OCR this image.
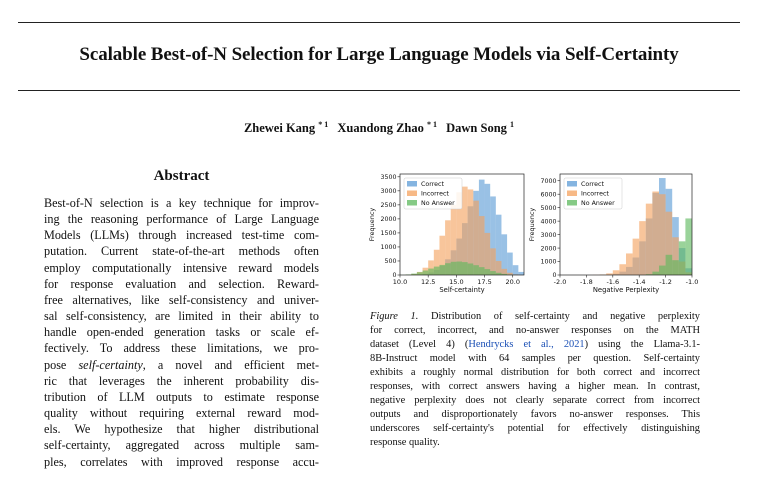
Scalable Best-of-N Selection for Large Language Models via Self-Certainty
Zhewei Kang $^{* 1}$ Xuandong Zhao $^{* 1}$ Dawn Song $^1$
Abstract
Best-of-N selection is a key technique for improv-
ing the reasoning performance of Large Language
Models (LLMs) through increased test-time com-
putation. Current state-of-the-art methods often
employ computationally intensive reward models
for response evaluation and selection. Reward-
free alternatives, like self-consistency and univer-
sal self-consistency, are limited in their ability to
handle open-ended generation tasks or scale ef-
fectively. To address these limitations, we pro-
pose self-certainty, a novel and efficient met-
ric that leverages the inherent probability dis-
tribution of LLM outputs to estimate response
quality without requiring external reward mod-
els. We hypothesize that higher distributional
self-certainty, aggregated across multiple sam-
ples, correlates with improved response accu-
10.0 12.5 15.0 17.5 20.0
0
500
1000
1500
2000
2500
3000
3500
Self-certainty
Frequency
Correct
Incorrect
No Answer
-2.0 -1.8 -1.6 -1.4 -1.2 -1.0
0
1000
2000
3000
4000
5000
6000
7000
Negative Perplexity
Frequency
Correct
Incorrect
No Answer
Figure 1. Distribution of self-certainty and negative perplexity
for correct, incorrect, and no-answer responses on the MATH
dataset (Level 4) (Hendrycks et al., 2021) using the Llama-3.1-
8B-Instruct model with 64 samples per question. Self-certainty
exhibits a roughly normal distribution for both correct and incorrect
responses, with correct answers having a higher mean. In contrast,
negative perplexity does not clearly separate correct from incorrect
outputs and disproportionately favors no-answer responses. This
underscores self-certainty's potential for effectively distinguishing
response quality.
